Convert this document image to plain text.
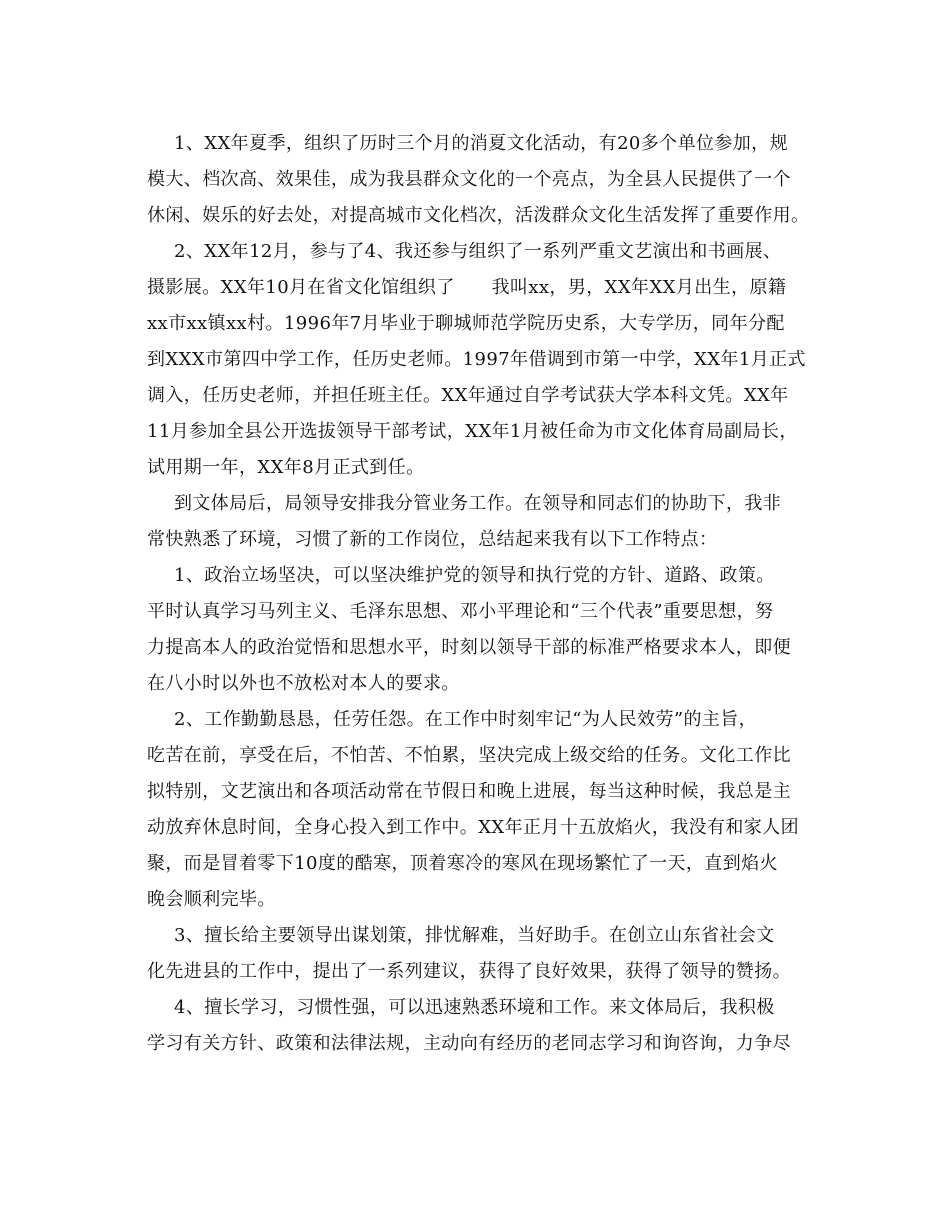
1、XX年夏季，组织了历时三个月的消夏文化活动，有20多个单位参加，规
模大、档次高、效果佳，成为我县群众文化的一个亮点，为全县人民提供了一个
休闲、娱乐的好去处，对提高城市文化档次，活泼群众文化生活发挥了重要作用。
2、XX年12月，参与了4、我还参与组织了一系列严重文艺演出和书画展、
摄影展。XX年10月在省文化馆组织了　　我叫xx，男，XX年XX月出生，原籍
xx市xx镇xx村。1996年7月毕业于聊城师范学院历史系，大专学历，同年分配
到XXX市第四中学工作，任历史老师。1997年借调到市第一中学，XX年1月正式
调入，任历史老师，并担任班主任。XX年通过自学考试获大学本科文凭。XX年
11月参加全县公开选拔领导干部考试，XX年1月被任命为市文化体育局副局长，
试用期一年，XX年8月正式到任。
到文体局后，局领导安排我分管业务工作。在领导和同志们的协助下，我非
常快熟悉了环境，习惯了新的工作岗位，总结起来我有以下工作特点：
1、政治立场坚决，可以坚决维护党的领导和执行党的方针、道路、政策。
平时认真学习马列主义、毛泽东思想、邓小平理论和“三个代表”重要思想，努
力提高本人的政治觉悟和思想水平，时刻以领导干部的标准严格要求本人，即便
在八小时以外也不放松对本人的要求。
2、工作勤勤恳恳，任劳任怨。在工作中时刻牢记“为人民效劳”的主旨，
吃苦在前，享受在后，不怕苦、不怕累，坚决完成上级交给的任务。文化工作比
拟特别，文艺演出和各项活动常在节假日和晚上进展，每当这种时候，我总是主
动放弃休息时间，全身心投入到工作中。XX年正月十五放焰火，我没有和家人团
聚，而是冒着零下10度的酷寒，顶着寒冷的寒风在现场繁忙了一天，直到焰火
晚会顺利完毕。
3、擅长给主要领导出谋划策，排忧解难，当好助手。在创立山东省社会文
化先进县的工作中，提出了一系列建议，获得了良好效果，获得了领导的赞扬。
4、擅长学习，习惯性强，可以迅速熟悉环境和工作。来文体局后，我积极
学习有关方针、政策和法律法规，主动向有经历的老同志学习和询咨询，力争尽
